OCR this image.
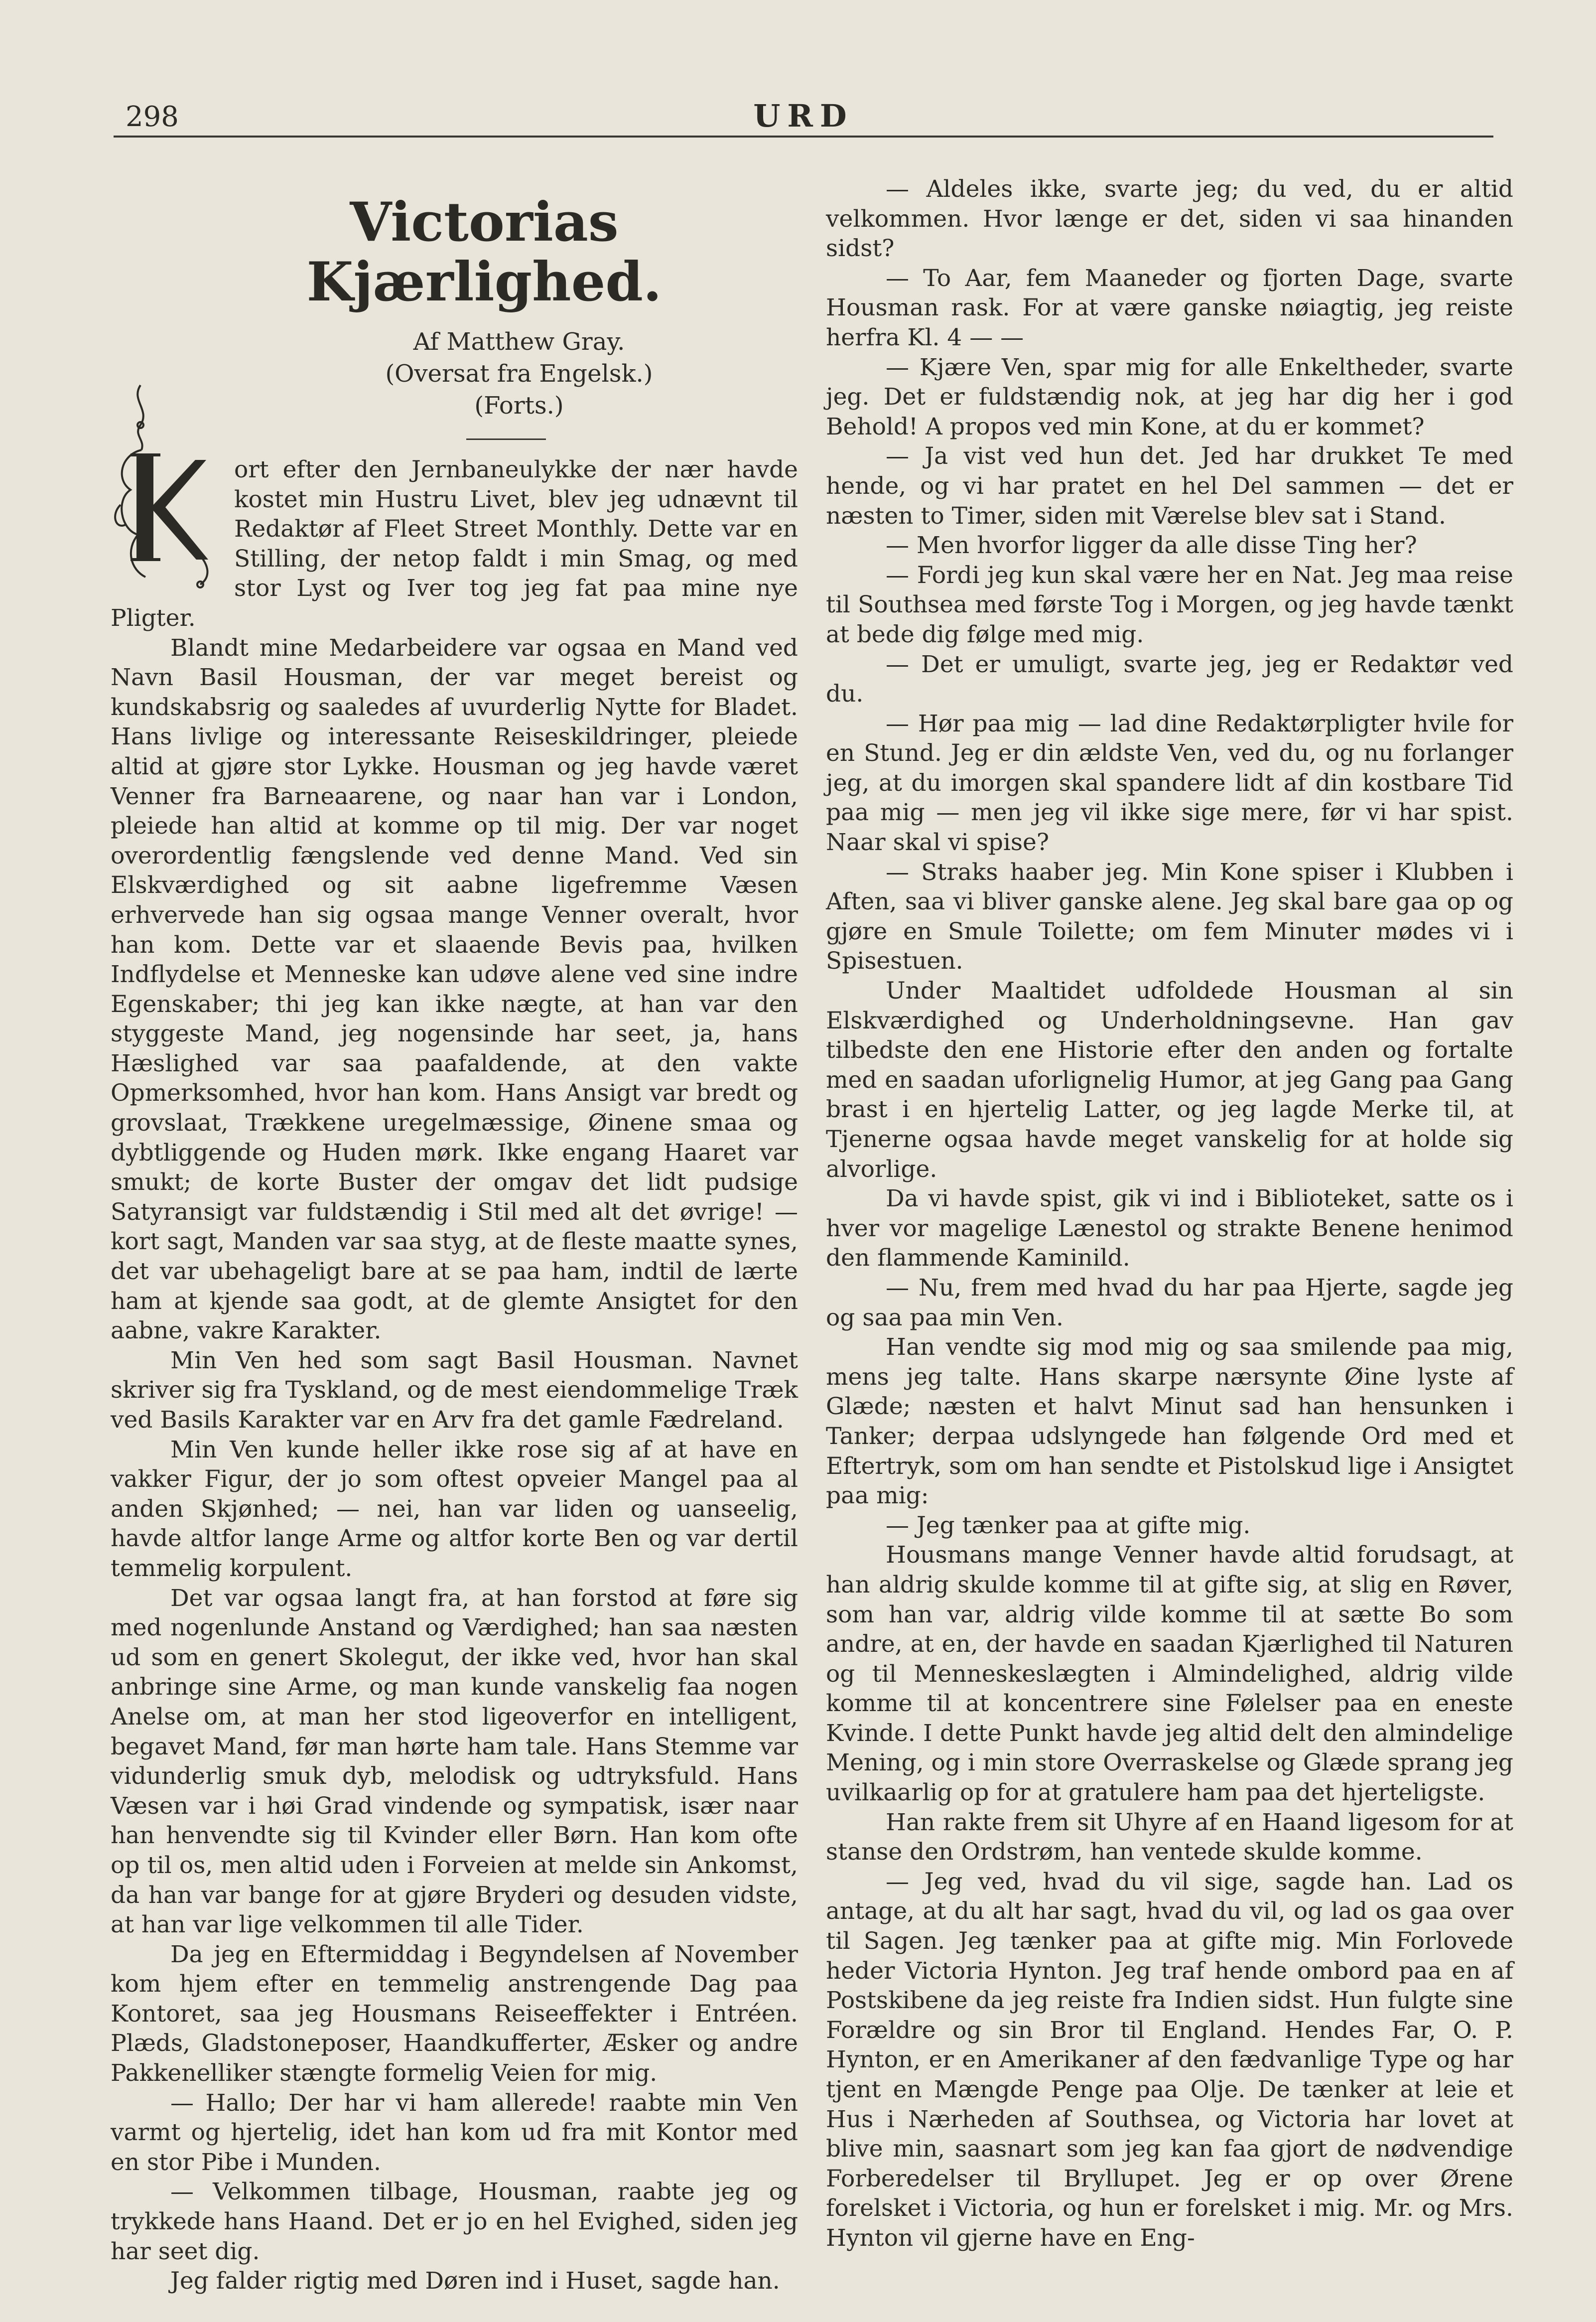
298	URD
Victorias Kjærlighed.

Af Matthew Gray.

(Oversat fra Engelsk.)

(Forts.)

K

ort efter den Jernbaneulykke der nær havde kostet min Hustru Livet, blev jeg udnævnt til Redaktør af Fleet Street Monthly. Dette var en Stilling, der netop faldt i min Smag, og med stor Lyst og Iver tog jeg fat paa mine nye Pligter.

Blandt mine Medarbeidere var ogsaa en Mand ved Navn Basil Housman, der var meget bereist og kundskabsrig og saaledes af uvurderlig Nytte for Bladet. Hans livlige og interessante Reiseskildringer, pleiede altid at gjøre stor Lykke. Housman og jeg havde været Venner fra Barneaarene, og naar han var i London, pleiede han altid at komme op til mig. Der var noget overordentlig fængslende ved denne Mand. Ved sin Elskværdighed og sit aabne ligefremme Væsen erhvervede han sig ogsaa mange Venner overalt, hvor han kom. Dette var et slaaende Bevis paa, hvilken Indflydelse et Menneske kan udøve alene ved sine indre Egenskaber; thi jeg kan ikke nægte, at han var den styggeste Mand, jeg nogensinde har seet, ja, hans Hæslighed var saa paafaldende, at den vakte Opmerksomhed, hvor han kom. Hans Ansigt var bredt og grovslaat, Trækkene uregelmæssige, Øinene smaa og dybtliggende og Huden mørk. Ikke engang Haaret var smukt; de korte Buster der omgav det lidt pudsige Satyransigt var fuldstændig i Stil med alt det øvrige! — kort sagt, Manden var saa styg, at de fleste maatte synes, det var ubehageligt bare at se paa ham, indtil de lærte ham at kjende saa godt, at de glemte Ansigtet for den aabne, vakre Karakter.

Min Ven hed som sagt Basil Housman. Navnet skriver sig fra Tyskland, og de mest eiendommelige Træk ved Basils Karakter var en Arv fra det gamle Fædreland.

Min Ven kunde heller ikke rose sig af at have en vakker Figur, der jo som oftest opveier Mangel paa al anden Skjønhed; — nei, han var liden og uanseelig, havde altfor lange Arme og altfor korte Ben og var dertil temmelig korpulent.

Det var ogsaa langt fra, at han forstod at føre sig med nogenlunde Anstand og Værdighed; han saa næsten ud som en genert Skolegut, der ikke ved, hvor han skal anbringe sine Arme, og man kunde vanskelig faa nogen Anelse om, at man her stod ligeoverfor en intelligent, begavet Mand, før man hørte ham tale. Hans Stemme var vidunderlig smuk dyb, melodisk og udtryksfuld. Hans Væsen var i høi Grad vindende og sympatisk, især naar han henvendte sig til Kvinder eller Børn. Han kom ofte op til os, men altid uden i Forveien at melde sin Ankomst, da han var bange for at gjøre Bryderi og desuden vidste, at han var lige velkommen til alle Tider.

Da jeg en Eftermiddag i Begyndelsen af November kom hjem efter en temmelig anstrengende Dag paa Kontoret, saa jeg Housmans Reiseeffekter i Entréen. Plæds, Gladstoneposer, Haandkufferter, Æsker og andre Pakkenelliker stængte formelig Veien for mig.

— Hallo; Der har vi ham allerede! raabte min Ven varmt og hjertelig, idet han kom ud fra mit Kontor med en stor Pibe i Munden.

— Velkommen tilbage, Housman, raabte jeg og trykkede hans Haand. Det er jo en hel Evighed, siden jeg har seet dig.

Jeg falder rigtig med Døren ind i Huset, sagde han.

— Aldeles ikke, svarte jeg; du ved, du er altid velkommen. Hvor længe er det, siden vi saa hinanden sidst?

— To Aar, fem Maaneder og fjorten Dage, svarte Housman rask. For at være ganske nøiagtig, jeg reiste herfra Kl. 4 — —

— Kjære Ven, spar mig for alle Enkeltheder, svarte jeg. Det er fuldstændig nok, at jeg har dig her i god Behold! A propos ved min Kone, at du er kommet?

— Ja vist ved hun det. Jed har drukket Te med hende, og vi har pratet en hel Del sammen — det er næsten to Timer, siden mit Værelse blev sat i Stand.

— Men hvorfor ligger da alle disse Ting her?

— Fordi jeg kun skal være her en Nat. Jeg maa reise til Southsea med første Tog i Morgen, og jeg havde tænkt at bede dig følge med mig.

— Det er umuligt, svarte jeg, jeg er Redaktør ved du.

— Hør paa mig — lad dine Redaktørpligter hvile for en Stund. Jeg er din ældste Ven, ved du, og nu forlanger jeg, at du imorgen skal spandere lidt af din kostbare Tid paa mig — men jeg vil ikke sige mere, før vi har spist. Naar skal vi spise?

— Straks haaber jeg. Min Kone spiser i Klubben i Aften, saa vi bliver ganske alene. Jeg skal bare gaa op og gjøre en Smule Toilette; om fem Minuter mødes vi i Spisestuen.

Under Maaltidet udfoldede Housman al sin Elskværdighed og Underholdningsevne. Han gav tilbedste den ene Historie efter den anden og fortalte med en saadan uforlignelig Humor, at jeg Gang paa Gang brast i en hjertelig Latter, og jeg lagde Merke til, at Tjenerne ogsaa havde meget vanskelig for at holde sig alvorlige.

Da vi havde spist, gik vi ind i Biblioteket, satte os i hver vor magelige Lænestol og strakte Benene henimod den flammende Kaminild.

— Nu, frem med hvad du har paa Hjerte, sagde jeg og saa paa min Ven.

Han vendte sig mod mig og saa smilende paa mig, mens jeg talte. Hans skarpe nærsynte Øine lyste af Glæde; næsten et halvt Minut sad han hensunken i Tanker; derpaa udslyngede han følgende Ord med et Eftertryk, som om han sendte et Pistolskud lige i Ansigtet paa mig:

— Jeg tænker paa at gifte mig.

Housmans mange Venner havde altid forudsagt, at han aldrig skulde komme til at gifte sig, at slig en Røver, som han var, aldrig vilde komme til at sætte Bo som andre, at en, der havde en saadan Kjærlighed til Naturen og til Menneskeslægten i Almindelighed, aldrig vilde komme til at koncentrere sine Følelser paa en eneste Kvinde. I dette Punkt havde jeg altid delt den almindelige Mening, og i min store Overraskelse og Glæde sprang jeg uvilkaarlig op for at gratulere ham paa det hjerteligste.

Han rakte frem sit Uhyre af en Haand ligesom for at stanse den Ordstrøm, han ventede skulde komme.

— Jeg ved, hvad du vil sige, sagde han. Lad os antage, at du alt har sagt, hvad du vil, og lad os gaa over til Sagen. Jeg tænker paa at gifte mig. Min Forlovede heder Victoria Hynton. Jeg traf hende ombord paa en af Postskibene da jeg reiste fra Indien sidst. Hun fulgte sine Forældre og sin Bror til England. Hendes Far, O. P. Hynton, er en Amerikaner af den fædvanlige Type og har tjent en Mængde Penge paa Olje. De tænker at leie et Hus i Nærheden af Southsea, og Victoria har lovet at blive min, saasnart som jeg kan faa gjort de nødvendige Forberedelser til Bryllupet. Jeg er op over Ørene forelsket i Victoria, og hun er forelsket i mig. Mr. og Mrs. Hynton vil gjerne have en Eng-
